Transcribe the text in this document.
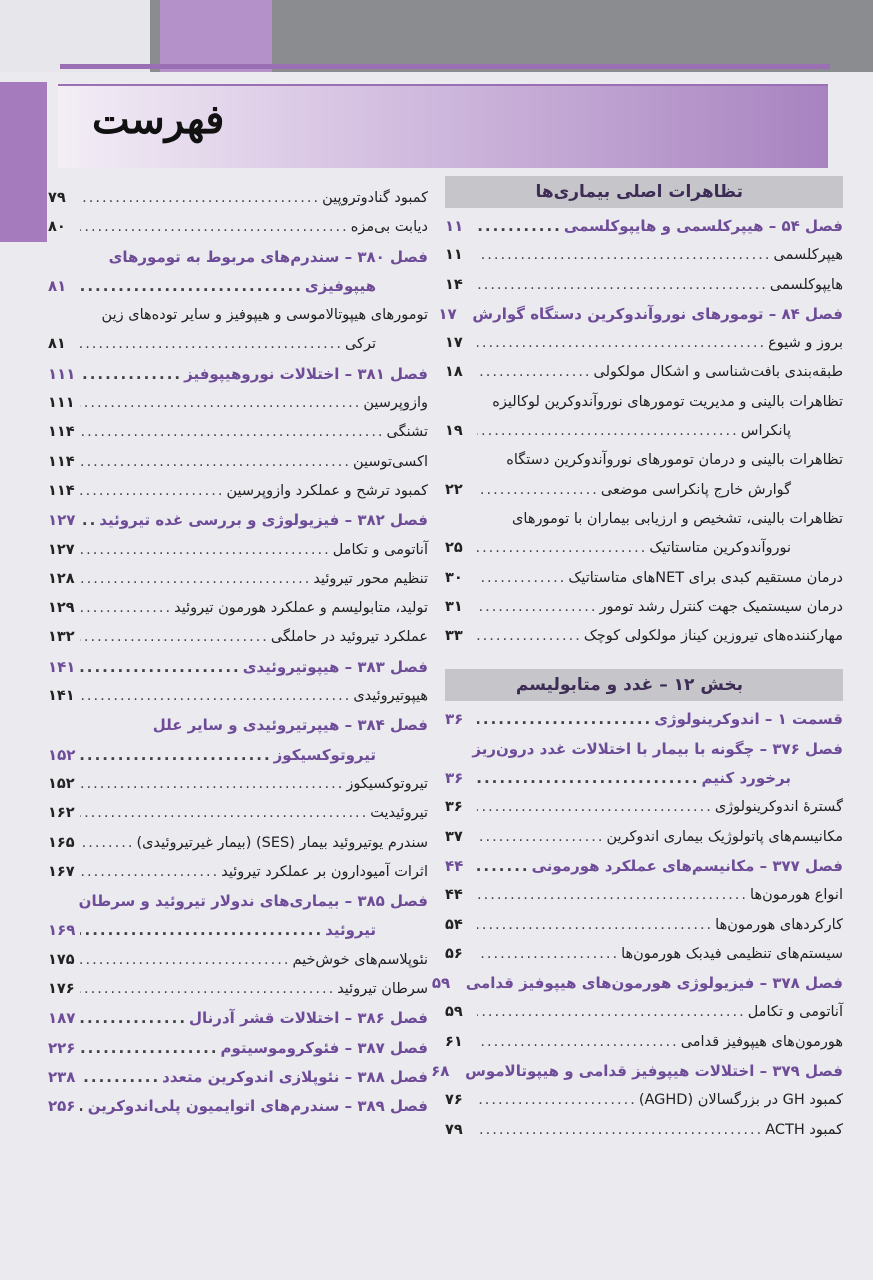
فهرست
تظاهرات اصلی بیماری‌ها
فصل ۵۴ – هیپرکلسمی و هایپوکلسمی
.....
۱۱
هیپرکلسمی
.....
۱۱
هایپوکلسمی
.....
۱۴
فصل ۸۴ – تومورهای نوروآندوکرین دستگاه گوارش
۱۷
بروز و شیوع
.....
۱۷
طبقه‌بندی بافت‌شناسی و اشکال مولکولی
.....
۱۸
تظاهرات بالینی و مدیریت تومورهای نوروآندوکرین لوکالیزه
پانکراس
.....
۱۹
تظاهرات بالینی و درمان تومورهای نوروآندوکرین دستگاه
گوارش خارج پانکراسی موضعی
.....
۲۲
تظاهرات بالینی، تشخیص و ارزیابی بیماران با تومورهای
نوروآندوکرین متاستاتیک
.....
۲۵
درمان مستقیم کبدی برای NETهای متاستاتیک
.....
۳۰
درمان سیستمیک جهت کنترل رشد تومور
.....
۳۱
مهارکننده‌های تیروزین کیناز مولکولی کوچک
.....
۳۳
بخش ۱۲ – غدد و متابولیسم
قسمت ۱ – اندوکرینولوژی
.....
۳۶
فصل ۳۷۶ – چگونه با بیمار با اختلالات غدد درون‌ریز
برخورد کنیم
.....
۳۶
گسترهٔ اندوکرینولوژی
.....
۳۶
مکانیسم‌های پاتولوژیک بیماری اندوکرین
.....
۳۷
فصل ۳۷۷ – مکانیسم‌های عملکرد هورمونی
.....
۴۴
انواع هورمون‌ها
.....
۴۴
کارکردهای هورمون‌ها
.....
۵۴
سیستم‌های تنظیمی فیدبک هورمون‌ها
.....
۵۶
فصل ۳۷۸ – فیزیولوژی هورمون‌های هیپوفیز قدامی
۵۹
آناتومی و تکامل
.....
۵۹
هورمون‌های هیپوفیز قدامی
.....
۶۱
فصل ۳۷۹ – اختلالات هیپوفیز قدامی و هیپوتالاموس
۶۸
کمبود GH در بزرگسالان (AGHD)
.....
۷۶
کمبود ACTH
.....
۷۹
کمبود گنادوتروپین
.....
۷۹
دیابت بی‌مزه
.....
۸۰
فصل ۳۸۰ – سندرم‌های مربوط به تومورهای
هیپوفیزی
.....
۸۱
تومورهای هیپوتالاموسی و هیپوفیز و سایر توده‌های زین
ترکی
.....
۸۱
فصل ۳۸۱ – اختلالات نوروهیپوفیز
.....
۱۱۱
وازوپرسین
.....
۱۱۱
تشنگی
.....
۱۱۴
اکسی‌توسین
.....
۱۱۴
کمبود ترشح و عملکرد وازوپرسین
.....
۱۱۴
فصل ۳۸۲ – فیزیولوژی و بررسی غده تیروئید
.....
۱۲۷
آناتومی و تکامل
.....
۱۲۷
تنظیم محور تیروئید
.....
۱۲۸
تولید، متابولیسم و عملکرد هورمون تیروئید
.....
۱۲۹
عملکرد تیروئید در حاملگی
.....
۱۳۲
فصل ۳۸۳ – هیپوتیروئیدی
.....
۱۴۱
هیپوتیروئیدی
.....
۱۴۱
فصل ۳۸۴ – هیپرتیروئیدی و سایر علل
تیروتوکسیکوز
.....
۱۵۲
تیروتوکسیکوز
.....
۱۵۲
تیروئیدیت
.....
۱۶۲
سندرم یوتیروئید بیمار (SES) (بیمار غیرتیروئیدی)
.....
۱۶۵
اثرات آمیودارون بر عملکرد تیروئید
.....
۱۶۷
فصل ۳۸۵ – بیماری‌های ندولار تیروئید و سرطان
تیروئید
.....
۱۶۹
نئوپلاسم‌های خوش‌خیم
.....
۱۷۵
سرطان تیروئید
.....
۱۷۶
فصل ۳۸۶ – اختلالات قشر آدرنال
.....
۱۸۷
فصل ۳۸۷ – فئوکروموسیتوم
.....
۲۲۶
فصل ۳۸۸ – نئوپلازی اندوکرین متعدد
.....
۲۳۸
فصل ۳۸۹ – سندرم‌های اتوایمیون پلی‌اندوکرین
.....
۲۵۶
